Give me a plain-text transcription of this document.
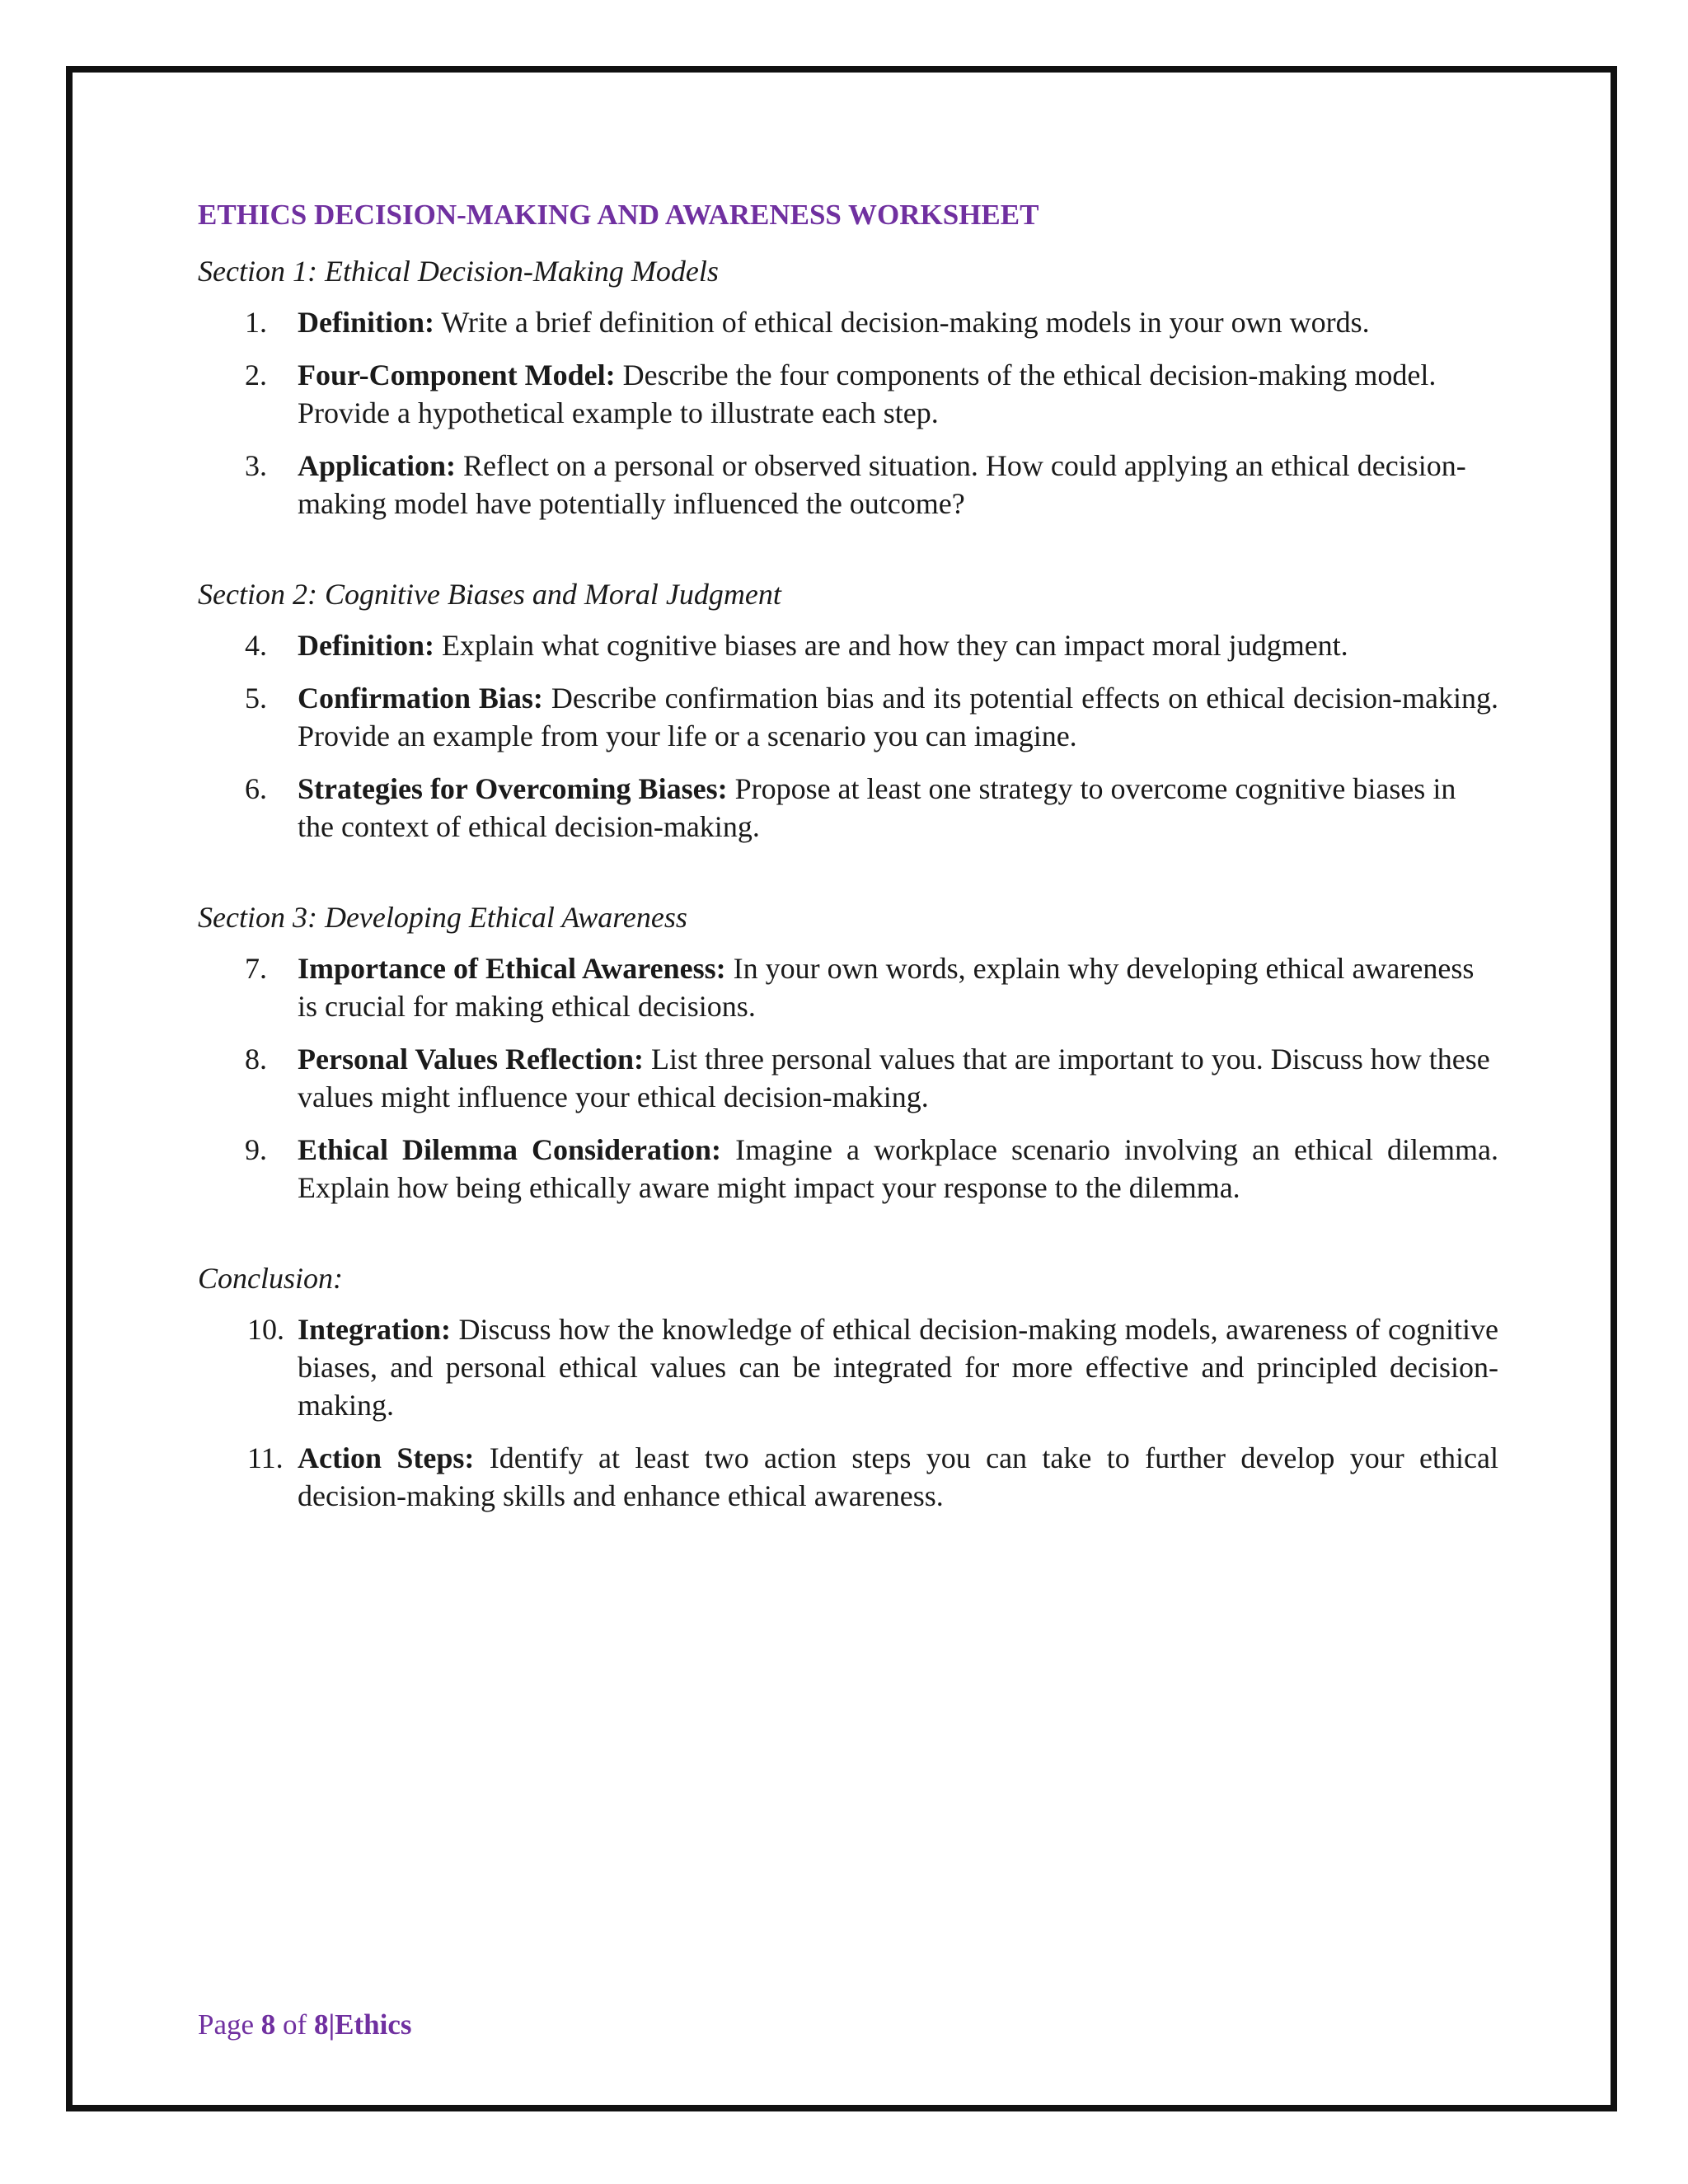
ETHICS DECISION-MAKING AND AWARENESS WORKSHEET
Section 1: Ethical Decision-Making Models
1.	Definition: Write a brief definition of ethical decision-making models in your own words.
2.	Four-Component Model: Describe the four components of the ethical decision-making model. Provide a hypothetical example to illustrate each step.
3.	Application: Reflect on a personal or observed situation. How could applying an ethical decision-making model have potentially influenced the outcome?
Section 2: Cognitive Biases and Moral Judgment
4.	Definition: Explain what cognitive biases are and how they can impact moral judgment.
5.	Confirmation Bias: Describe confirmation bias and its potential effects on ethical decision-making. Provide an example from your life or a scenario you can imagine.
6.	Strategies for Overcoming Biases: Propose at least one strategy to overcome cognitive biases in the context of ethical decision-making.
Section 3: Developing Ethical Awareness
7.	Importance of Ethical Awareness: In your own words, explain why developing ethical awareness is crucial for making ethical decisions.
8.	Personal Values Reflection: List three personal values that are important to you. Discuss how these values might influence your ethical decision-making.
9.	Ethical Dilemma Consideration: Imagine a workplace scenario involving an ethical dilemma. Explain how being ethically aware might impact your response to the dilemma.
Conclusion:
10. Integration: Discuss how the knowledge of ethical decision-making models, awareness of cognitive biases, and personal ethical values can be integrated for more effective and principled decision-making.
11. Action Steps: Identify at least two action steps you can take to further develop your ethical decision-making skills and enhance ethical awareness.
Page 8 of 8|Ethics
